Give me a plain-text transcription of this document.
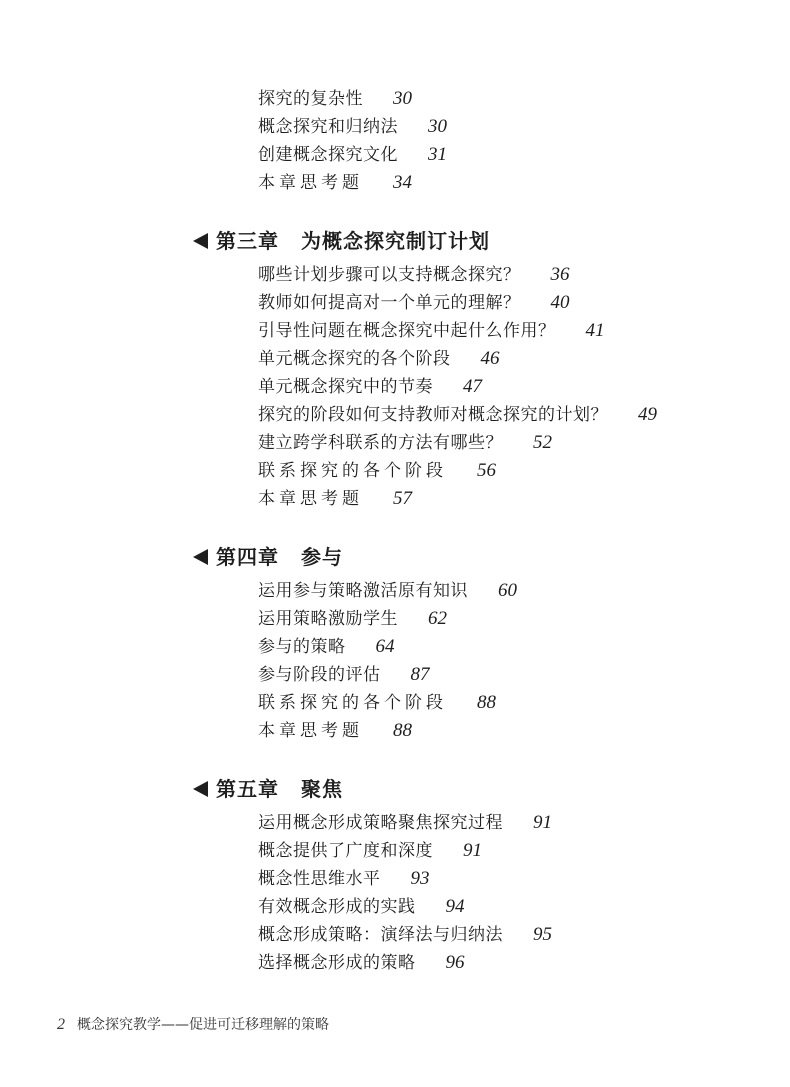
探究的复杂性 30
概念探究和归纳法 30
创建概念探究文化 31
本章思考题 34
第三章 为概念探究制订计划
哪些计划步骤可以支持概念探究？ 36
教师如何提高对一个单元的理解？ 40
引导性问题在概念探究中起什么作用？ 41
单元概念探究的各个阶段 46
单元概念探究中的节奏 47
探究的阶段如何支持教师对概念探究的计划？ 49
建立跨学科联系的方法有哪些？ 52
联系探究的各个阶段 56
本章思考题 57
第四章 参与
运用参与策略激活原有知识 60
运用策略激励学生 62
参与的策略 64
参与阶段的评估 87
联系探究的各个阶段 88
本章思考题 88
第五章 聚焦
运用概念形成策略聚焦探究过程 91
概念提供了广度和深度 91
概念性思维水平 93
有效概念形成的实践 94
概念形成策略：演绎法与归纳法 95
选择概念形成的策略 96
2 概念探究教学——促进可迁移理解的策略
